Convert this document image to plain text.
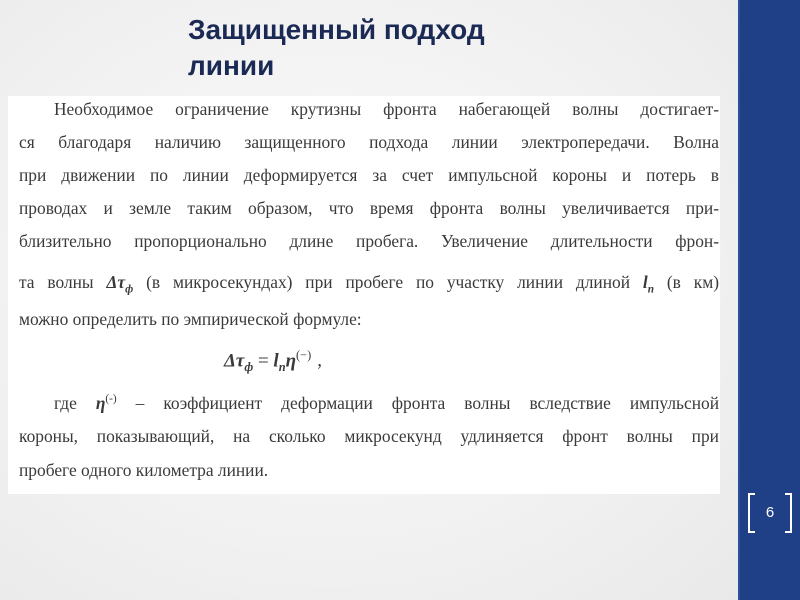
6
Защищенный подход
линии
Необходимое ограничение крутизны фронта набегающей волны достигает-
ся благодаря наличию защищенного подхода линии электропередачи. Волна
при движении по линии деформируется за счет импульсной короны и потерь в
проводах и земле таким образом, что время фронта волны увеличивается при-
близительно пропорционально длине пробега. Увеличение длительности фрон-
та волны $\Delta\tau_ф$ (в микросекундах) при пробеге по участку линии длиной $l_п$ (в км)
можно определить по эмпирической формуле:
$\Delta\tau_ф = l_п\eta^{(-)}$ ,
где η(-) – коэффициент деформации фронта волны вследствие импульсной
короны, показывающий, на сколько микросекунд удлиняется фронт волны при
пробеге одного километра линии.
